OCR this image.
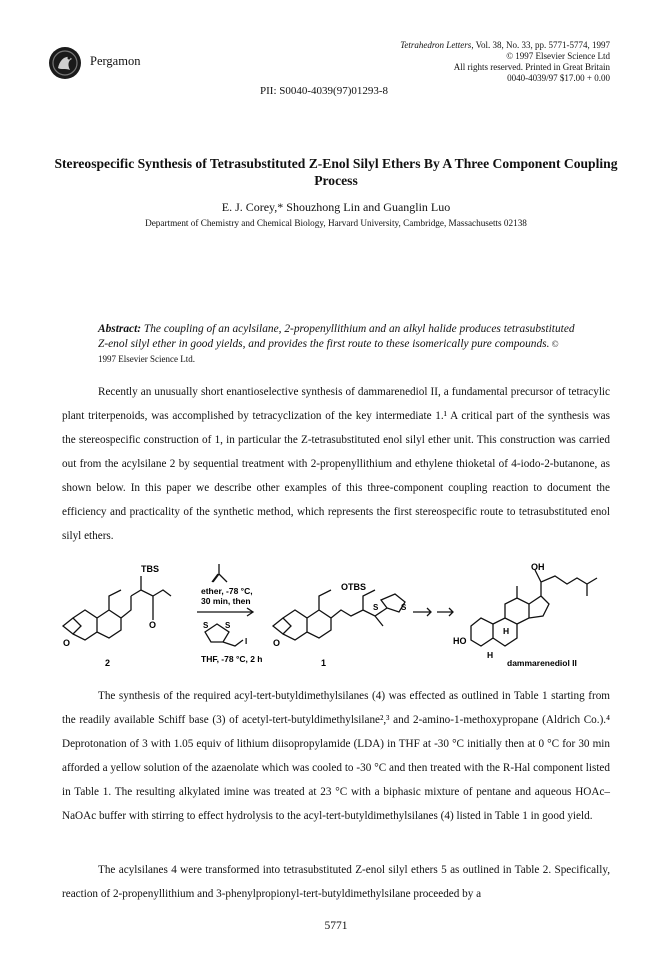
Pergamon
Tetrahedron Letters, Vol. 38, No. 33, pp. 5771-5774, 1997
© 1997 Elsevier Science Ltd
All rights reserved. Printed in Great Britain
0040-4039/97 $17.00 + 0.00
PII: S0040-4039(97)01293-8
Stereospecific Synthesis of Tetrasubstituted Z-Enol Silyl Ethers By A Three Component Coupling Process
E. J. Corey,* Shouzhong Lin and Guanglin Luo
Department of Chemistry and Chemical Biology, Harvard University, Cambridge, Massachusetts 02138
Abstract: The coupling of an acylsilane, 2-propenyllithium and an alkyl halide produces tetrasubstituted Z-enol silyl ether in good yields, and provides the first route to these isomerically pure compounds. © 1997 Elsevier Science Ltd.
Recently an unusually short enantioselective synthesis of dammarenediol II, a fundamental precursor of tetracylic plant triterpenoids, was accomplished by tetracyclization of the key intermediate 1.¹ A critical part of the synthesis was the stereospecific construction of 1, in particular the Z-tetrasubstituted enol silyl ether unit. This construction was carried out from the acylsilane 2 by sequential treatment with 2-propenyllithium and ethylene thioketal of 4-iodo-2-butanone, as shown below. In this paper we describe other examples of this three-component coupling reaction to document the efficiency and practicality of the synthetic method, which represents the first stereospecific route to tetrasubstituted enol silyl ethers.
TBS
O
O
ether, -78 °C,
30 min, then
S S
I
THF, -78 °C, 2 h
OTBS
S	S
O
OH
HO
H
H
2	1	dammarenediol II
The synthesis of the required acyl-tert-butyldimethylsilanes (4) was effected as outlined in Table 1 starting from the readily available Schiff base (3) of acetyl-tert-butyldimethylsilane²,³ and 2-amino-1-methoxypropane (Aldrich Co.).⁴ Deprotonation of 3 with 1.05 equiv of lithium diisopropylamide (LDA) in THF at -30 °C initially then at 0 °C for 30 min afforded a yellow solution of the azaenolate which was cooled to -30 °C and then treated with the R-Hal component listed in Table 1. The resulting alkylated imine was treated at 23 °C with a biphasic mixture of pentane and aqueous HOAc–NaOAc buffer with stirring to effect hydrolysis to the acyl-tert-butyldimethylsilanes (4) listed in Table 1 in good yield.
The acylsilanes 4 were transformed into tetrasubstituted Z-enol silyl ethers 5 as outlined in Table 2. Specifically, reaction of 2-propenyllithium and 3-phenylpropionyl-tert-butyldimethylsilane proceeded by a
5771
